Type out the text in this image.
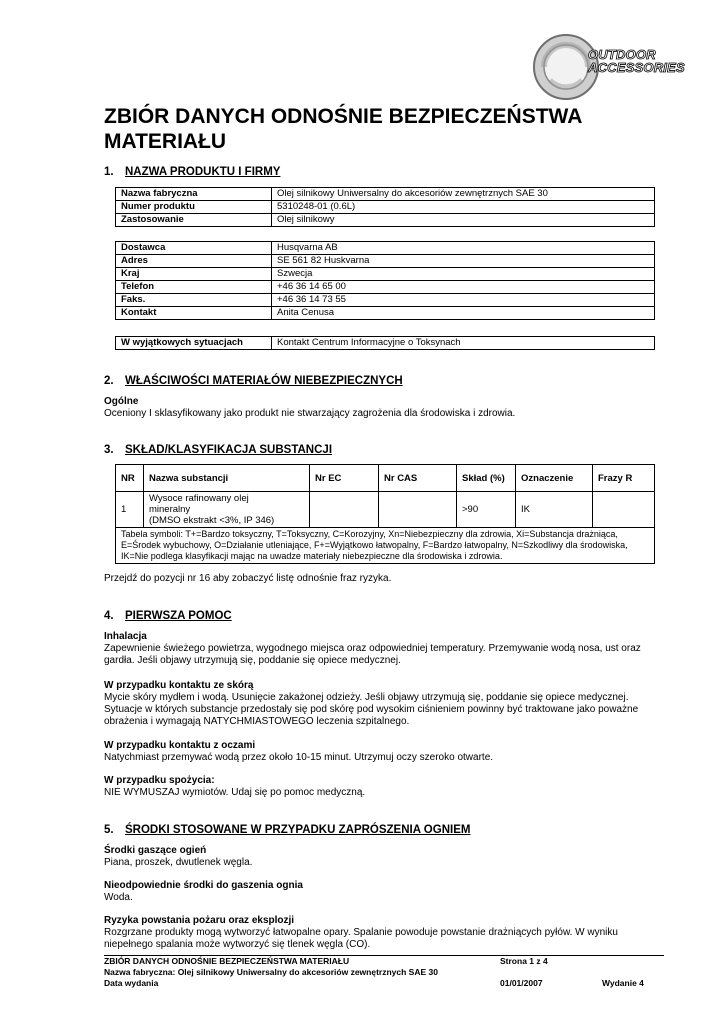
OUTDOOR
ACCESSORIES
ZBIÓR DANYCH ODNOŚNIE BEZPIECZEŃSTWA MATERIAŁU
1. NAZWA PRODUKTU I FIRMY
Nazwa fabryczna	Olej silnikowy Uniwersalny do akcesoriów zewnętrznych SAE 30
Numer produktu	5310248-01 (0.6L)
Zastosowanie	Olej silnikowy
Dostawca	Husqvarna AB
Adres	SE 561 82 Huskvarna
Kraj	Szwecja
Telefon	+46 36 14 65 00
Faks.	+46 36 14 73 55
Kontakt	Anita Cenusa
W wyjątkowych sytuacjach	Kontakt Centrum Informacyjne o Toksynach
2. WŁAŚCIWOŚCI MATERIAŁÓW NIEBEZPIECZNYCH
Ogólne
Oceniony I sklasyfikowany jako produkt nie stwarzający zagrożenia dla środowiska i zdrowia.
3. SKŁAD/KLASYFIKACJA SUBSTANCJI
NR	Nazwa substancji	Nr EC	Nr CAS	Skład (%)	Oznaczenie	Frazy R
1	Wysoce rafinowany olej
mineralny
(DMSO ekstrakt <3%, IP 346)			>90	IK	
Tabela symboli: T+=Bardzo toksyczny, T=Toksyczny, C=Korozyjny, Xn=Niebezpieczny dla zdrowia, Xi=Substancja drażniąca, E=Środek wybuchowy, O=Działanie utleniające, F+=Wyjątkowo łatwopalny, F=Bardzo łatwopalny, N=Szkodliwy dla środowiska, IK=Nie podlega klasyfikacji mając na uwadze materiały niebezpieczne dla środowiska i zdrowia.						
Przejdź do pozycji nr 16 aby zobaczyć listę odnośnie fraz ryzyka.
4. PIERWSZA POMOC
Inhalacja
Zapewnienie świeżego powietrza, wygodnego miejsca oraz odpowiedniej temperatury. Przemywanie wodą nosa, ust oraz gardła. Jeśli objawy utrzymują się, poddanie się opiece medycznej.
W przypadku kontaktu ze skórą
Mycie skóry mydłem i wodą. Usunięcie zakażonej odzieży. Jeśli objawy utrzymują się, poddanie się opiece medycznej. Sytuacje w których substancje przedostały się pod skórę pod wysokim ciśnieniem powinny być traktowane jako poważne obrażenia i wymagają NATYCHMIASTOWEGO leczenia szpitalnego.
W przypadku kontaktu z oczami
Natychmiast przemywać wodą przez około 10-15 minut. Utrzymuj oczy szeroko otwarte.
W przypadku spożycia:
NIE WYMUSZAJ wymiotów. Udaj się po pomoc medyczną.
5. ŚRODKI STOSOWANE W PRZYPADKU ZAPRÓSZENIA OGNIEM
Środki gaszące ogień
Piana, proszek, dwutlenek węgla.
Nieodpowiednie środki do gaszenia ognia
Woda.
Ryzyka powstania pożaru oraz eksplozji
Rozgrzane produkty mogą wytworzyć łatwopalne opary. Spalanie powoduje powstanie drażniących pyłów. W wyniku niepełnego spalania może wytworzyć się tlenek węgla (CO).
ZBIÓR DANYCH ODNOŚNIE BEZPIECZEŃSTWA MATERIAŁU	Strona 1 z 4
Nazwa fabryczna: Olej silnikowy Uniwersalny do akcesoriów zewnętrznych SAE 30
Data wydania	01/01/2007	Wydanie 4
